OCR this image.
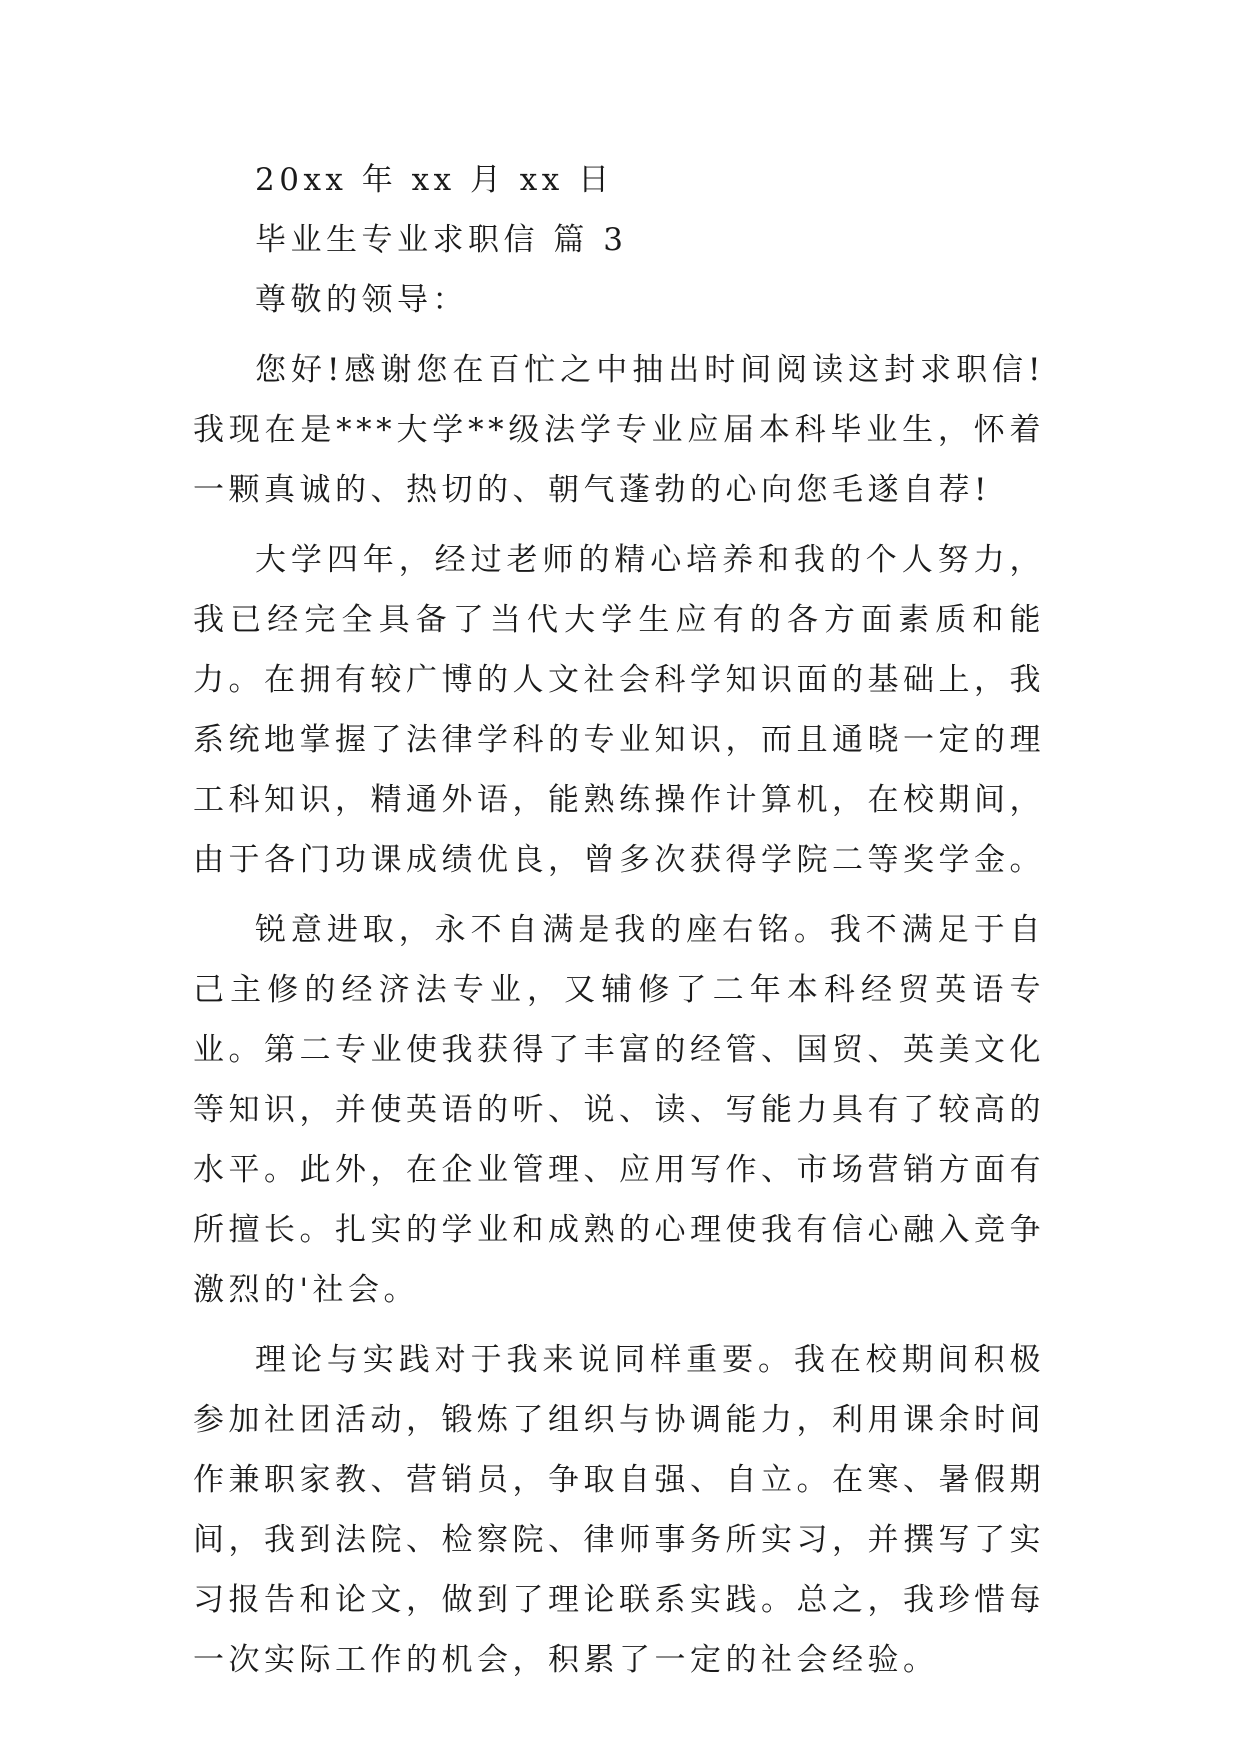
20xx 年 xx 月 xx 日
毕业生专业求职信 篇 3
尊敬的领导：

您好!感谢您在百忙之中抽出时间阅读这封求职信!我现在是***大学**级法学专业应届本科毕业生，怀着一颗真诚的、热切的、朝气蓬勃的心向您毛遂自荐!

大学四年，经过老师的精心培养和我的个人努力，我已经完全具备了当代大学生应有的各方面素质和能力。在拥有较广博的人文社会科学知识面的基础上，我系统地掌握了法律学科的专业知识，而且通晓一定的理工科知识，精通外语，能熟练操作计算机，在校期间，由于各门功课成绩优良，曾多次获得学院二等奖学金。

锐意进取，永不自满是我的座右铭。我不满足于自己主修的经济法专业，又辅修了二年本科经贸英语专业。第二专业使我获得了丰富的经管、国贸、英美文化等知识，并使英语的听、说、读、写能力具有了较高的水平。此外，在企业管理、应用写作、市场营销方面有所擅长。扎实的学业和成熟的心理使我有信心融入竞争激烈的'社会。

理论与实践对于我来说同样重要。我在校期间积极参加社团活动，锻炼了组织与协调能力，利用课余时间作兼职家教、营销员，争取自强、自立。在寒、暑假期间，我到法院、检察院、律师事务所实习，并撰写了实习报告和论文，做到了理论联系实践。总之，我珍惜每一次实际工作的机会，积累了一定的社会经验。
